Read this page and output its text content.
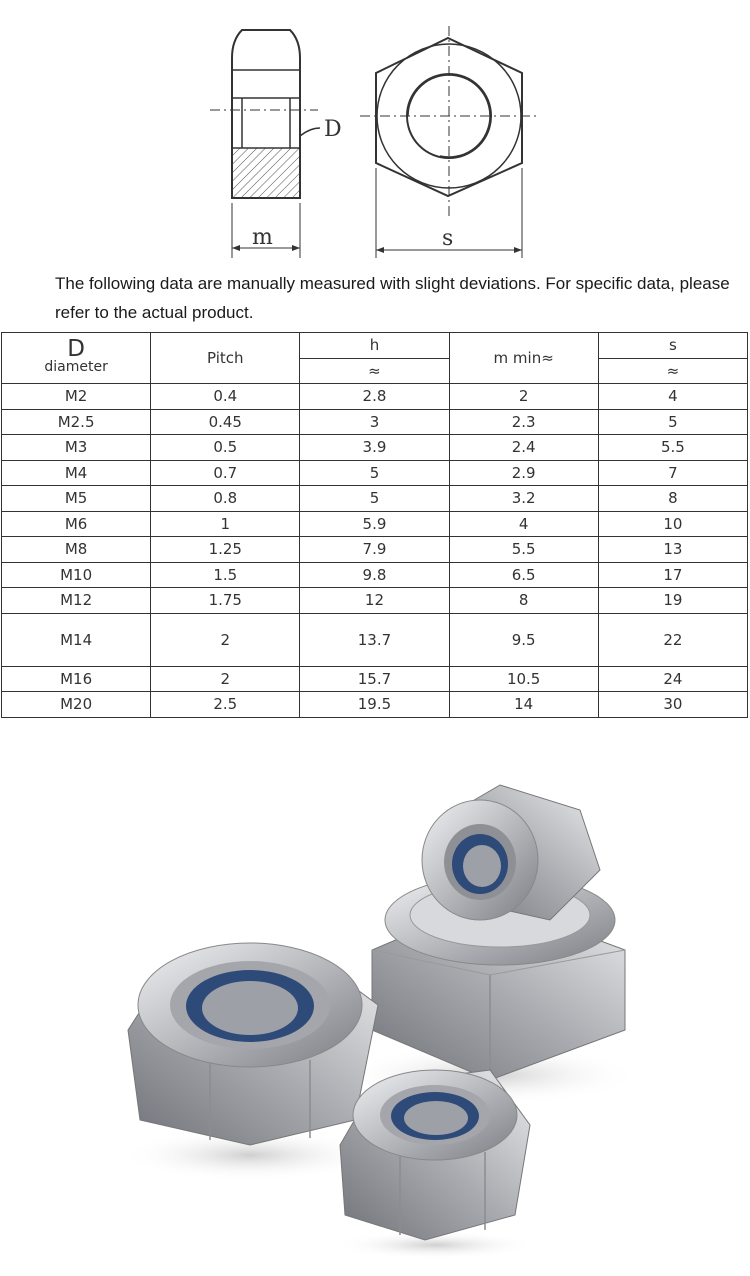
D
m	s
The following data are manually measured with slight deviations. For specific data, please refer to the actual product.
D
diameter	Pitch	h	m min≈	s
		≈		≈
M2	0.4	2.8	2	4
M2.5	0.45	3	2.3	5
M3	0.5	3.9	2.4	5.5
M4	0.7	5	2.9	7
M5	0.8	5	3.2	8
M6	1	5.9	4	10
M8	1.25	7.9	5.5	13
M10	1.5	9.8	6.5	17
M12	1.75	12	8	19
M14	2	13.7	9.5	22
M16	2	15.7	10.5	24
M20	2.5	19.5	14	30
